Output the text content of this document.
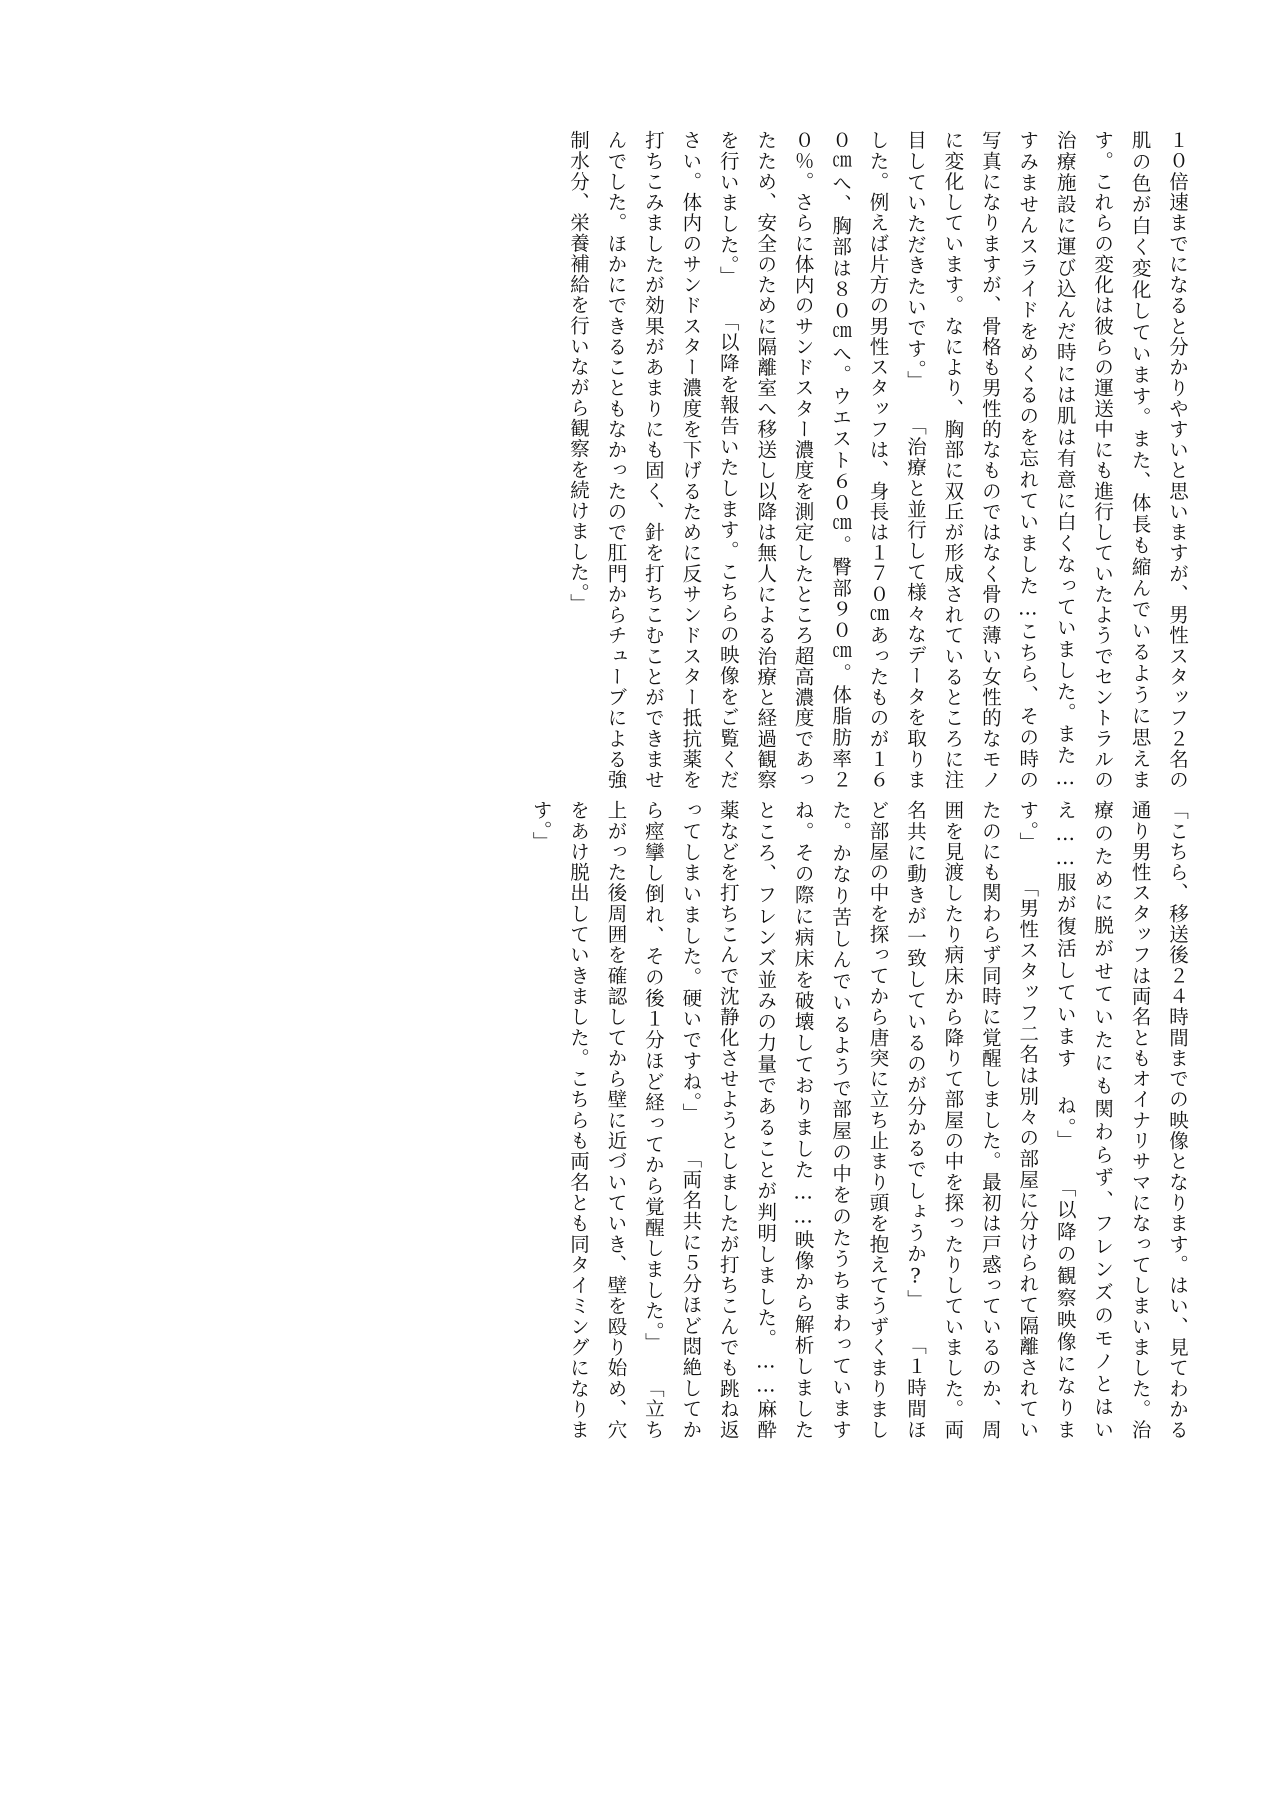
１０倍速までになると分かりやすいと思いますが、男性スタッフ２名の肌の色が白く変化しています。また、体長も縮んでいるように思えます。これらの変化は彼らの運送中にも進行していたようでセントラルの治療施設に運び込んだ時には肌は有意に白くなっていました。また…すみませんスライドをめくるのを忘れていました…こちら、その時の写真になりますが、骨格も男性的なものではなく骨の薄い女性的なモノに変化しています。なにより、胸部に双丘が形成されているところに注目していただきたいです。」 「治療と並行して様々なデータを取りました。例えば片方の男性スタッフは、身長は１７０㎝あったものが１６０㎝へ、胸部は８０㎝へ。ウエスト６０㎝。臀部９０㎝。体脂肪率２０％。さらに体内のサンドスター濃度を測定したところ超高濃度であったため、安全のために隔離室へ移送し以降は無人による治療と経過観察を行いました。」 「以降を報告いたします。こちらの映像をご覧ください。体内のサンドスター濃度を下げるために反サンドスター抵抗薬を打ちこみましたが効果があまりにも固く、針を打ちこむことができませんでした。ほかにできることもなかったので肛門からチューブによる強制水分、栄養補給を行いながら観察を続けました。」
「こちら、移送後２４時間までの映像となります。はい、見てわかる通り男性スタッフは両名ともオイナリサマになってしまいました。治療のために脱がせていたにも関わらず、フレンズのモノとはいえ……服が復活しています ね。」 「以降の観察映像になります。」 「男性スタッフ二名は別々の部屋に分けられて隔離されていたのにも関わらず同時に覚醒しました。最初は戸惑っているのか、周囲を見渡したり病床から降りて部屋の中を探ったりしていました。両名共に動きが一致しているのが分かるでしょうか?」 「１時間ほど部屋の中を探ってから唐突に立ち止まり頭を抱えてうずくまりました。かなり苦しんでいるようで部屋の中をのたうちまわっていますね。その際に病床を破壊しておりました……映像から解析しましたところ、フレンズ並みの力量であることが判明しました。……麻酔薬などを打ちこんで沈静化させようとしましたが打ちこんでも跳ね返ってしまいました。硬いですね。」 「両名共に５分ほど悶絶してから痙攣し倒れ、その後１分ほど経ってから覚醒しました。」 「立ち上がった後周囲を確認してから壁に近づいていき、壁を殴り始め、穴をあけ脱出していきました。こちらも両名とも同タイミングになります。」
